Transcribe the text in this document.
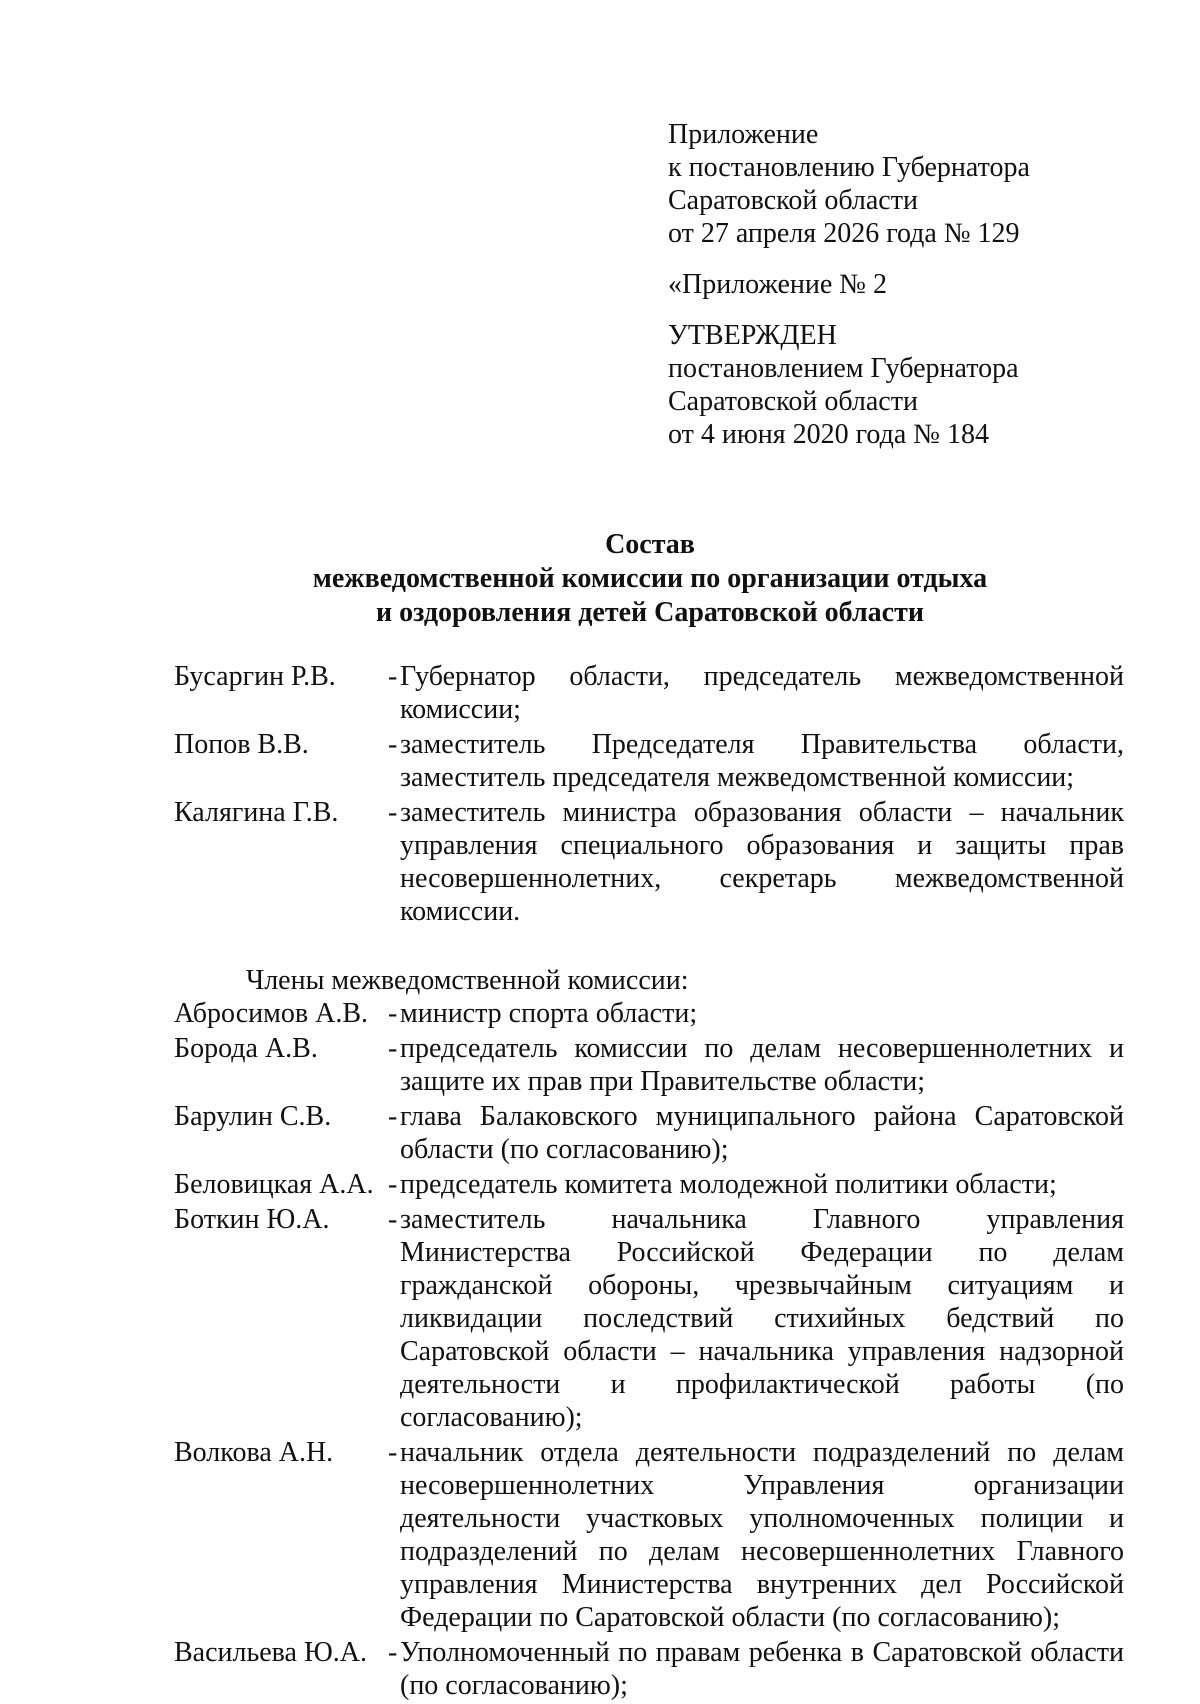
Приложение
к постановлению Губернатора
Саратовской области
от 27 апреля 2026 года № 129
«Приложение № 2
УТВЕРЖДЕН
постановлением Губернатора
Саратовской области
от 4 июня 2020 года № 184
Состав
межведомственной комиссии по организации отдыха
и оздоровления детей Саратовской области
Бусаргин Р.В.	- Губернатор области, председатель межведомственной комиссии;
Попов В.В.	- заместитель Председателя Правительства области, заместитель председателя межведомственной комиссии;
Калягина Г.В.	- заместитель министра образования области – начальник управления специального образования и защиты прав несовершеннолетних, секретарь межведомственной комиссии.
Члены межведомственной комиссии:
Абросимов А.В. - министр спорта области;
Борода А.В.	- председатель комиссии по делам несовершеннолетних и защите их прав при Правительстве области;
Барулин С.В.	- глава Балаковского муниципального района Саратовской области (по согласованию);
Беловицкая А.А. - председатель комитета молодежной политики области;
Боткин Ю.А.	- заместитель начальника Главного управления Министерства Российской Федерации по делам гражданской обороны, чрезвычайным ситуациям и ликвидации последствий стихийных бедствий по Саратовской области – начальника управления надзорной деятельности и профилактической работы (по согласованию);
Волкова А.Н.	- начальник отдела деятельности подразделений по делам несовершеннолетних Управления организации деятельности участковых уполномоченных полиции и подразделений по делам несовершеннолетних Главного управления Министерства внутренних дел Российской Федерации по Саратовской области (по согласованию);
Васильева Ю.А. - Уполномоченный по правам ребенка в Саратовской области (по согласованию);
